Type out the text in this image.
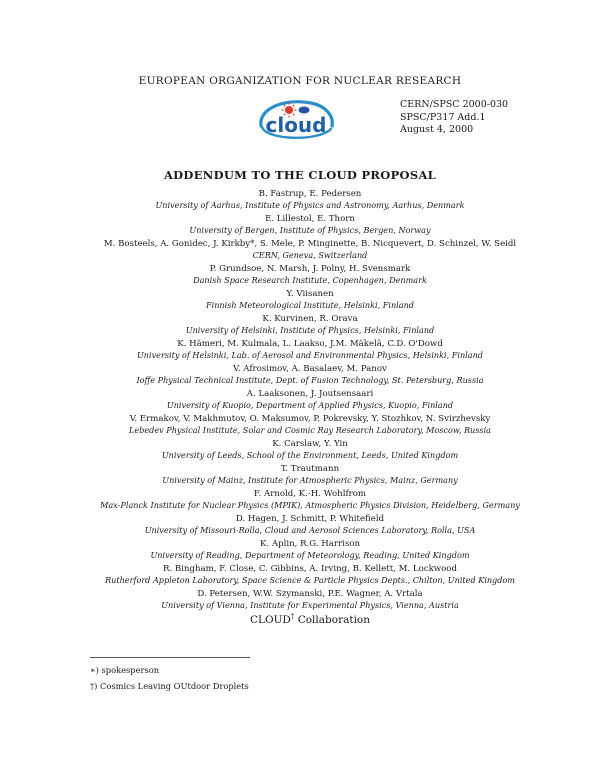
EUROPEAN ORGANIZATION FOR NUCLEAR RESEARCH
cloud
CERN/SPSC 2000-030
SPSC/P317 Add.1
August 4, 2000
ADDENDUM TO THE CLOUD PROPOSAL
B. Fastrup, E. Pedersen
University of Aarhus, Institute of Physics and Astronomy, Aarhus, Denmark
E. Lillestol, E. Thorn
University of Bergen, Institute of Physics, Bergen, Norway
M. Bosteels, A. Gonidec, J. Kirkby*, S. Mele, P. Minginette, B. Nicquevert, D. Schinzel, W. Seidl
CERN, Geneva, Switzerland
P. Grundsoe, N. Marsh, J. Polny, H. Svensmark
Danish Space Research Institute, Copenhagen, Denmark
Y. Viisanen
Finnish Meteorological Institute, Helsinki, Finland
K. Kurvinen, R. Orava
University of Helsinki, Institute of Physics, Helsinki, Finland
K. Hämeri, M. Kulmala, L. Laakso, J.M. Mäkelä, C.D. O'Dowd
University of Helsinki, Lab. of Aerosol and Environmental Physics, Helsinki, Finland
V. Afrosimov, A. Basalaev, M. Panov
Ioffe Physical Technical Institute, Dept. of Fusion Technology, St. Petersburg, Russia
A. Laaksonen, J. Joutsensaari
University of Kuopio, Department of Applied Physics, Kuopio, Finland
V. Ermakov, V. Makhmutov, O. Maksumov, P. Pokrevsky, Y. Stozhkov, N. Svirzhevsky
Lebedev Physical Institute, Solar and Cosmic Ray Research Laboratory, Moscow, Russia
K. Carslaw, Y. Yin
University of Leeds, School of the Environment, Leeds, United Kingdom
T. Trautmann
University of Mainz, Institute for Atmospheric Physics, Mainz, Germany
F. Arnold, K.-H. Wohlfrom
Max-Planck Institute for Nuclear Physics (MPIK), Atmospheric Physics Division, Heidelberg, Germany
D. Hagen, J. Schmitt, P. Whitefield
University of Missouri-Rolla, Cloud and Aerosol Sciences Laboratory, Rolla, USA
K. Aplin, R.G. Harrison
University of Reading, Department of Meteorology, Reading, United Kingdom
R. Bingham, F. Close, C. Gibbins, A. Irving, B. Kellett, M. Lockwood
Rutherford Appleton Laboratory, Space Science & Particle Physics Depts., Chilton, United Kingdom
D. Petersen, W.W. Szymanski, P.E. Wagner, A. Vrtala
University of Vienna, Institute for Experimental Physics, Vienna, Austria
CLOUD† Collaboration
∗) spokesperson
†) Cosmics Leaving OUtdoor Droplets
